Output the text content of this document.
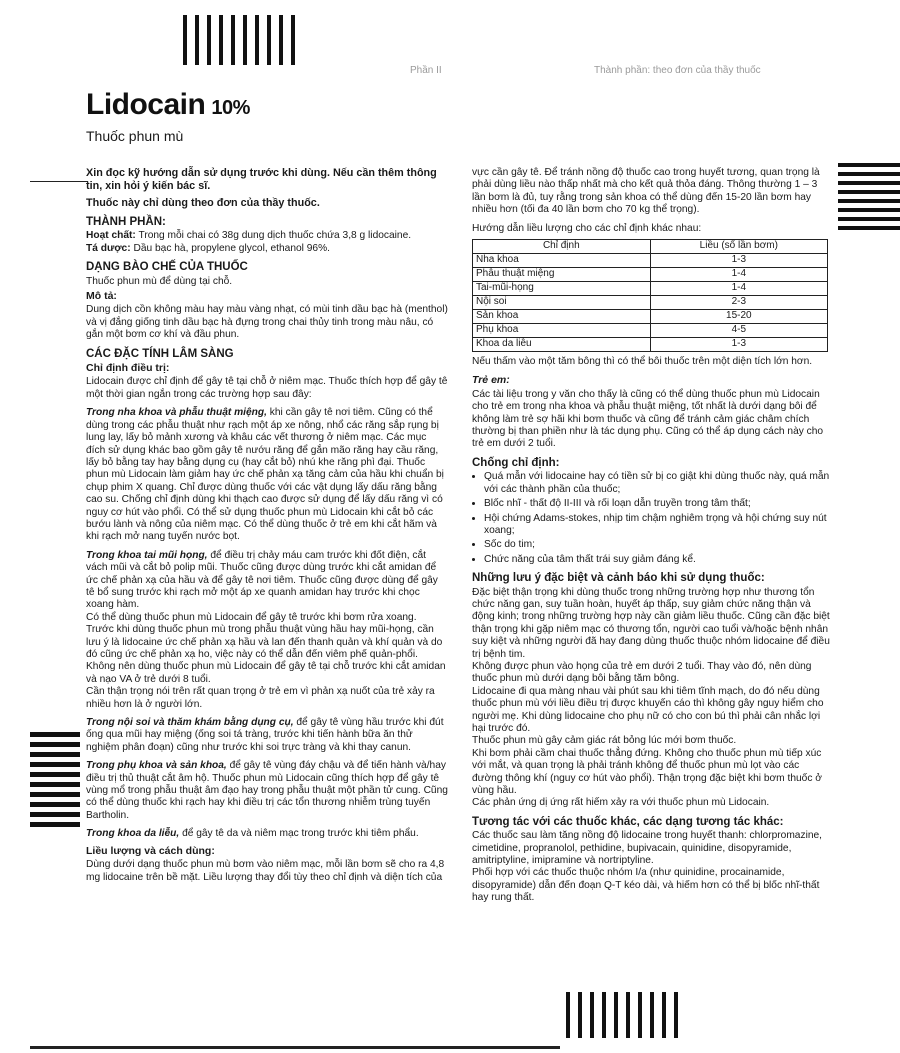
Phần II	Thành phần: theo đơn của thầy thuốc
Lidocain 10%
Thuốc phun mù

Xin đọc kỹ hướng dẫn sử dụng trước khi dùng. Nếu cần thêm thông tin, xin hỏi ý kiến bác sĩ.

Thuốc này chỉ dùng theo đơn của thầy thuốc.

THÀNH PHẦN:

Hoạt chất: Trong mỗi chai có 38g dung dịch thuốc chứa 3,8 g lidocaine.

Tá dược: Dầu bạc hà, propylene glycol, ethanol 96%.

DẠNG BÀO CHẾ CỦA THUỐC

Thuốc phun mù để dùng tại chỗ.

Mô tả:

Dung dịch cồn không màu hay màu vàng nhạt, có mùi tinh dầu bạc hà (menthol) và vị đắng giống tinh dầu bạc hà đựng trong chai thủy tinh trong màu nâu, có gắn một bơm cơ khí và đầu phun.

CÁC ĐẶC TÍNH LÂM SÀNG
Chỉ định điều trị:

Lidocain được chỉ định để gây tê tại chỗ ở niêm mạc. Thuốc thích hợp để gây tê một thời gian ngắn trong các trường hợp sau đây:

Trong nha khoa và phẫu thuật miệng, khi cần gây tê nơi tiêm. Cũng có thể dùng trong các phẫu thuật như rạch một áp xe nông, nhổ các răng sắp rụng bị lung lay, lấy bỏ mảnh xương và khâu các vết thương ở niêm mạc. Các mục đích sử dụng khác bao gồm gây tê nướu răng để gắn mão răng hay cầu răng, lấy bỏ bằng tay hay bằng dụng cụ (hay cắt bỏ) nhú khe răng phì đại. Thuốc phun mù Lidocain làm giảm hay ức chế phản xạ tăng cảm của hầu khi chuẩn bị chụp phim X quang. Chỉ được dùng thuốc với các vật dụng lấy dấu răng bằng cao su. Chống chỉ định dùng khi thạch cao được sử dụng để lấy dấu răng vì có nguy cơ hút vào phổi. Có thể sử dụng thuốc phun mù Lidocain khi cắt bỏ các bướu lành và nông của niêm mạc. Có thể dùng thuốc ở trẻ em khi cắt hãm và khi rạch mở nang tuyến nước bọt.

Trong khoa tai mũi họng, để điều trị chảy máu cam trước khi đốt điện, cắt vách mũi và cắt bỏ polip mũi. Thuốc cũng được dùng trước khi cắt amidan để ức chế phản xạ của hầu và để gây tê nơi tiêm. Thuốc cũng được dùng để gây tê bổ sung trước khi rạch mở một áp xe quanh amidan hay trước khi chọc xoang hàm.

Có thể dùng thuốc phun mù Lidocain để gây tê trước khi bơm rửa xoang.

Trước khi dùng thuốc phun mù trong phẫu thuật vùng hầu hay mũi-họng, cần lưu ý là lidocaine ức chế phản xạ hầu và lan đến thanh quản và khí quản và do đó cũng ức chế phản xạ ho, việc này có thể dẫn đến viêm phế quản-phổi. Không nên dùng thuốc phun mù Lidocain để gây tê tại chỗ trước khi cắt amidan và nạo VA ở trẻ dưới 8 tuổi.

Cần thận trọng nói trên rất quan trọng ở trẻ em vì phản xạ nuốt của trẻ xảy ra nhiều hơn là ở người lớn.

Trong nội soi và thăm khám bằng dụng cụ, để gây tê vùng hầu trước khi đút ống qua mũi hay miệng (ống soi tá tràng, trước khi tiến hành bữa ăn thử nghiệm phân đoạn) cũng như trước khi soi trực tràng và khi thay canun.

Trong phụ khoa và sản khoa, để gây tê vùng đáy chậu và để tiến hành và/hay điều trị thủ thuật cắt âm hộ. Thuốc phun mù Lidocain cũng thích hợp để gây tê vùng mổ trong phẫu thuật âm đạo hay trong phẫu thuật một phần tử cung. Cũng có thể dùng thuốc khi rạch hay khi điều trị các tổn thương nhiễm trùng tuyến Bartholin.

Trong khoa da liễu, để gây tê da và niêm mạc trong trước khi tiêm phẩu.

Liều lượng và cách dùng:

Dùng dưới dạng thuốc phun mù bơm vào niêm mạc, mỗi lần bơm sẽ cho ra 4,8 mg lidocaine trên bề mặt. Liều lượng thay đổi tùy theo chỉ định và diện tích của

vực cần gây tê. Để tránh nồng độ thuốc cao trong huyết tương, quan trọng là phải dùng liều nào thấp nhất mà cho kết quả thỏa đáng. Thông thường 1 – 3 lần bơm là đủ, tuy rằng trong sản khoa có thể dùng đến 15-20 lần bơm hay nhiều hơn (tối đa 40 lần bơm cho 70 kg thể trọng).

Hướng dẫn liều lượng cho các chỉ định khác nhau:

Chỉ định	Liều (số lần bơm)
Nha khoa	1-3
Phẫu thuật miệng	1-4
Tai-mũi-họng	1-4
Nội soi	2-3
Sản khoa	15-20
Phụ khoa	4-5
Khoa da liễu	1-3

Nếu thấm vào một tăm bông thì có thể bôi thuốc trên một diện tích lớn hơn.

Trẻ em:

Các tài liệu trong y văn cho thấy là cũng có thể dùng thuốc phun mù Lidocain cho trẻ em trong nha khoa và phẫu thuật miệng, tốt nhất là dưới dạng bôi để không làm trẻ sợ hãi khi bơm thuốc và cũng để tránh cảm giác châm chích thường bị than phiền như là tác dụng phụ. Cũng có thể áp dụng cách này cho trẻ em dưới 2 tuổi.

Chống chỉ định:
• Quá mẫn với lidocaine hay có tiền sử bị co giật khi dùng thuốc này, quá mẫn với các thành phần của thuốc;
• Blốc nhĩ - thất độ II-III và rối loạn dẫn truyền trong tâm thất;
• Hội chứng Adams-stokes, nhịp tim chậm nghiêm trọng và hội chứng suy nút xoang;
• Sốc do tim;
• Chức năng của tâm thất trái suy giảm đáng kể.
Những lưu ý đặc biệt và cảnh báo khi sử dụng thuốc:

Đặc biệt thận trọng khi dùng thuốc trong những trường hợp như thương tổn chức năng gan, suy tuần hoàn, huyết áp thấp, suy giảm chức năng thận và động kinh; trong những trường hợp này cần giảm liều thuốc. Cũng cần đặc biệt thận trọng khi gặp niêm mạc có thương tổn, người cao tuổi và/hoặc bệnh nhân suy kiệt và những người đã hay đang dùng thuốc thuộc nhóm lidocaine để điều trị bệnh tim.

Không được phun vào họng của trẻ em dưới 2 tuổi. Thay vào đó, nên dùng thuốc phun mù dưới dạng bôi bằng tăm bông.

Lidocaine đi qua màng nhau vài phút sau khi tiêm tĩnh mạch, do đó nếu dùng thuốc phun mù với liều điều trị được khuyến cáo thì không gây nguy hiểm cho người mẹ. Khi dùng lidocaine cho phụ nữ có cho con bú thì phải cân nhắc lợi hại trước đó.

Thuốc phun mù gây cảm giác rát bỏng lúc mới bơm thuốc.

Khi bơm phải cầm chai thuốc thẳng đứng. Không cho thuốc phun mù tiếp xúc với mắt, và quan trọng là phải tránh không để thuốc phun mù lọt vào các đường thông khí (nguy cơ hút vào phổi). Thận trọng đặc biệt khi bơm thuốc ở vùng hầu.

Các phản ứng dị ứng rất hiếm xảy ra với thuốc phun mù Lidocain.

Tương tác với các thuốc khác, các dạng tương tác khác:

Các thuốc sau làm tăng nồng độ lidocaine trong huyết thanh: chlorpromazine, cimetidine, propranolol, pethidine, bupivacain, quinidine, disopyramide, amitriptyline, imipramine và nortriptyline.

Phối hợp với các thuốc thuộc nhóm I/a (như quinidine, procainamide, disopyramide) dẫn đến đoạn Q-T kéo dài, và hiếm hơn có thể bị blốc nhĩ-thất hay rung thất.
